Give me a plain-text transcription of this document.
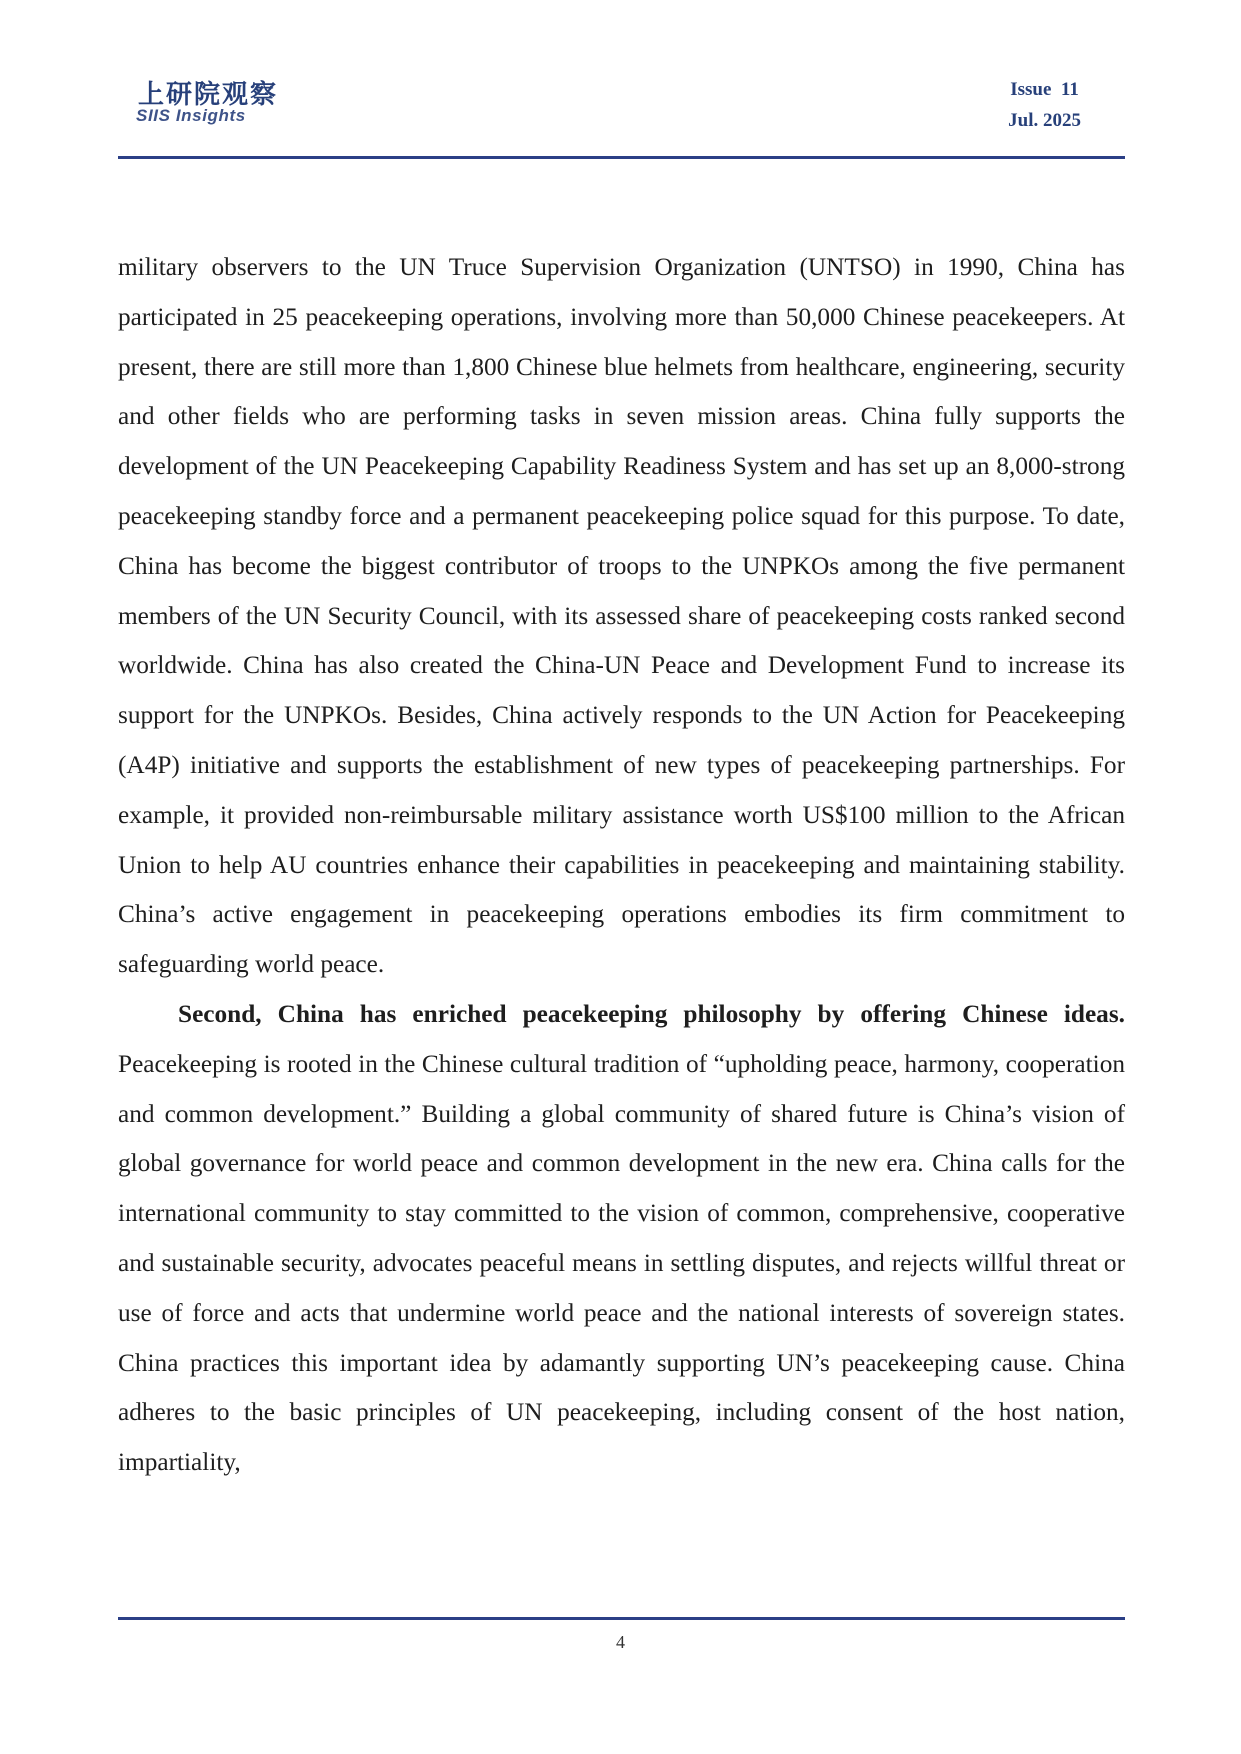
上研院观察
SIIS Insights
Issue  11
Jul. 2025

military observers to the UN Truce Supervision Organization (UNTSO) in 1990, China has participated in 25 peacekeeping operations, involving more than 50,000 Chinese peacekeepers. At present, there are still more than 1,800 Chinese blue helmets from healthcare, engineering, security and other fields who are performing tasks in seven mission areas. China fully supports the development of the UN Peacekeeping Capability Readiness System and has set up an 8,000-strong peacekeeping standby force and a permanent peacekeeping police squad for this purpose. To date, China has become the biggest contributor of troops to the UNPKOs among the five permanent members of the UN Security Council, with its assessed share of peacekeeping costs ranked second worldwide. China has also created the China-UN Peace and Development Fund to increase its support for the UNPKOs. Besides, China actively responds to the UN Action for Peacekeeping (A4P) initiative and supports the establishment of new types of peacekeeping partnerships. For example, it provided non-reimbursable military assistance worth US$100 million to the African Union to help AU countries enhance their capabilities in peacekeeping and maintaining stability. China’s active engagement in peacekeeping operations embodies its firm commitment to safeguarding world peace.

Second, China has enriched peacekeeping philosophy by offering Chinese ideas. Peacekeeping is rooted in the Chinese cultural tradition of “upholding peace, harmony, cooperation and common development.” Building a global community of shared future is China’s vision of global governance for world peace and common development in the new era. China calls for the international community to stay committed to the vision of common, comprehensive, cooperative and sustainable security, advocates peaceful means in settling disputes, and rejects willful threat or use of force and acts that undermine world peace and the national interests of sovereign states. China practices this important idea by adamantly supporting UN’s peacekeeping cause. China adheres to the basic principles of UN peacekeeping, including consent of the host nation, impartiality,

4
